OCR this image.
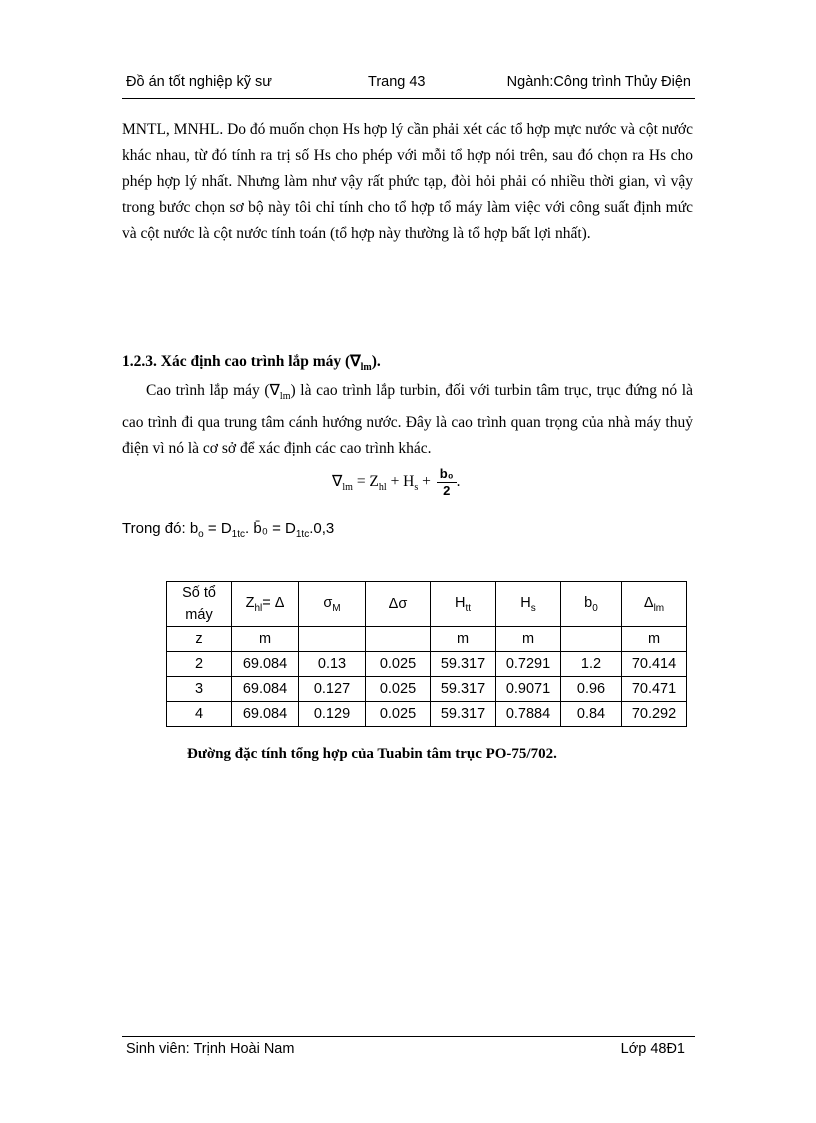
Đồ án tốt nghiệp kỹ sư	Trang 43	Ngành:Công trình Thủy Điện
MNTL, MNHL. Do đó muốn chọn Hs hợp lý cần phải xét các tổ hợp mực nước và cột nước khác nhau, từ đó tính ra trị số Hs cho phép với mỗi tổ hợp nói trên, sau đó chọn ra Hs cho phép hợp lý nhất. Nhưng làm như vậy rất phức tạp, đòi hỏi phải có nhiều thời gian, vì vậy trong bước chọn sơ bộ này tôi chỉ tính cho tổ hợp tổ máy làm việc với công suất định mức và cột nước là cột nước tính toán (tổ hợp này thường là tổ hợp bất lợi nhất).
1.2.3. Xác định cao trình lắp máy $(\nabla_{lm})$.
Cao trình lắp máy $(\nabla_{lm})$ là cao trình lắp turbin, đối với turbin tâm trục, trục đứng nó là cao trình đi qua trung tâm cánh hướng nước. Đây là cao trình quan trọng của nhà máy thuỷ điện vì nó là cơ sở để xác định các cao trình khác.
$\nabla_{lm} = Z_{hl} + H_s + \frac{\text{b₀}}{2}$ .
Trong đó: $b_o = D_{1tc}$. b̄₀ = $D_{1tc}.0,3$
Số tổ
máy	$Z_{hl}= \Delta$	$\sigma_M$	Δσ	$H_{tt}$	$H_s$	$b_0$	$\Delta_{lm}$

z	m			m	m		m
2	69.084	0.13	0.025	59.317	0.7291	1.2	70.414
3	69.084	0.127	0.025	59.317	0.9071	0.96	70.471
4	69.084	0.129	0.025	59.317	0.7884	0.84	70.292
Đường đặc tính tổng hợp của Tuabin tâm trục PO-75/702.
Sinh viên: Trịnh Hoài Nam	Lớp 48Đ1
